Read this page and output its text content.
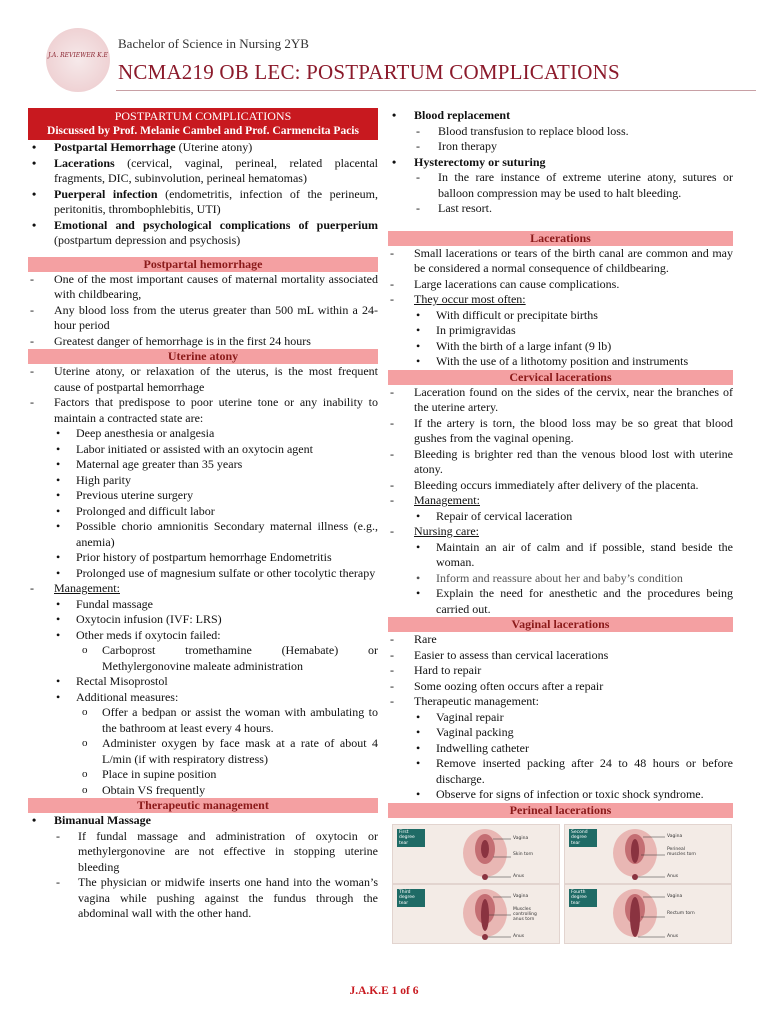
J.A. REVIEWER K.E
Bachelor of Science in Nursing 2YB
NCMA219 OB LEC: POSTPARTUM COMPLICATIONS
POSTPARTUM COMPLICATIONS
Discussed by Prof. Melanie Cambel and Prof. Carmencita Pacis
• Postpartal Hemorrhage (Uterine atony)
• Lacerations (cervical, vaginal, perineal, related placental fragments, DIC, subinvolution, perineal hematomas)
• Puerperal infection (endometritis, infection of the perineum, peritonitis, thrombophlebitis, UTI)
• Emotional and psychological complications of puerperium (postpartum depression and psychosis)
Postpartal hemorrhage
- One of the most important causes of maternal mortality associated with childbearing,
- Any blood loss from the uterus greater than 500 mL within a 24-hour period
- Greatest danger of hemorrhage is in the first 24 hours
Uterine atony
- Uterine atony, or relaxation of the uterus, is the most frequent cause of postpartal hemorrhage
- Factors that predispose to poor uterine tone or any inability to maintain a contracted state are:
• Deep anesthesia or analgesia
• Labor initiated or assisted with an oxytocin agent
• Maternal age greater than 35 years
• High parity
• Previous uterine surgery
• Prolonged and difficult labor
• Possible chorio amnionitis Secondary maternal illness (e.g., anemia)
• Prior history of postpartum hemorrhage Endometritis
• Prolonged use of magnesium sulfate or other tocolytic therapy
- Management:
• Fundal massage
• Oxytocin infusion (IVF: LRS)
• Other meds if oxytocin failed:
o Carboprost tromethamine (Hemabate) or Methylergonovine maleate administration
• Rectal Misoprostol
• Additional measures:
o Offer a bedpan or assist the woman with ambulating to the bathroom at least every 4 hours.
o Administer oxygen by face mask at a rate of about 4 L/min (if with respiratory distress)
o Place in supine position
o Obtain VS frequently
Therapeutic management
• Bimanual Massage
- If fundal massage and administration of oxytocin or methylergonovine are not effective in stopping uterine bleeding
- The physician or midwife inserts one hand into the woman’s vagina while pushing against the fundus through the abdominal wall with the other hand.
• Blood replacement
- Blood transfusion to replace blood loss.
- Iron therapy
• Hysterectomy or suturing
- In the rare instance of extreme uterine atony, sutures or balloon compression may be used to halt bleeding.
- Last resort.
Lacerations
- Small lacerations or tears of the birth canal are common and may be considered a normal consequence of childbearing.
- Large lacerations can cause complications.
- They occur most often:
• With difficult or precipitate births
• In primigravidas
• With the birth of a large infant (9 lb)
• With the use of a lithotomy position and instruments
Cervical lacerations
- Laceration found on the sides of the cervix, near the branches of the uterine artery.
- If the artery is torn, the blood loss may be so great that blood gushes from the vaginal opening.
- Bleeding is brighter red than the venous blood lost with uterine atony.
- Bleeding occurs immediately after delivery of the placenta.
- Management:
• Repair of cervical laceration
- Nursing care:
• Maintain an air of calm and if possible, stand beside the woman.
• Inform and reassure about her and baby’s condition
• Explain the need for anesthetic and the procedures being carried out.
Vaginal lacerations
- Rare
- Easier to assess than cervical lacerations
- Hard to repair
- Some oozing often occurs after a repair
- Therapeutic management:
• Vaginal repair
• Vaginal packing
• Indwelling catheter
• Remove inserted packing after 24 to 48 hours or before discharge.
• Observe for signs of infection or toxic shock syndrome.
Perineal lacerations
First degree tear
Vagina
Skin torn
Anus
Second degree tear
Vagina
Perineal muscles torn
Anus
Third degree tear
Vagina
Muscles controlling anus torn
Anus
Fourth degree tear
Vagina
Rectum torn
Anus
J.A.K.E 1 of 6
